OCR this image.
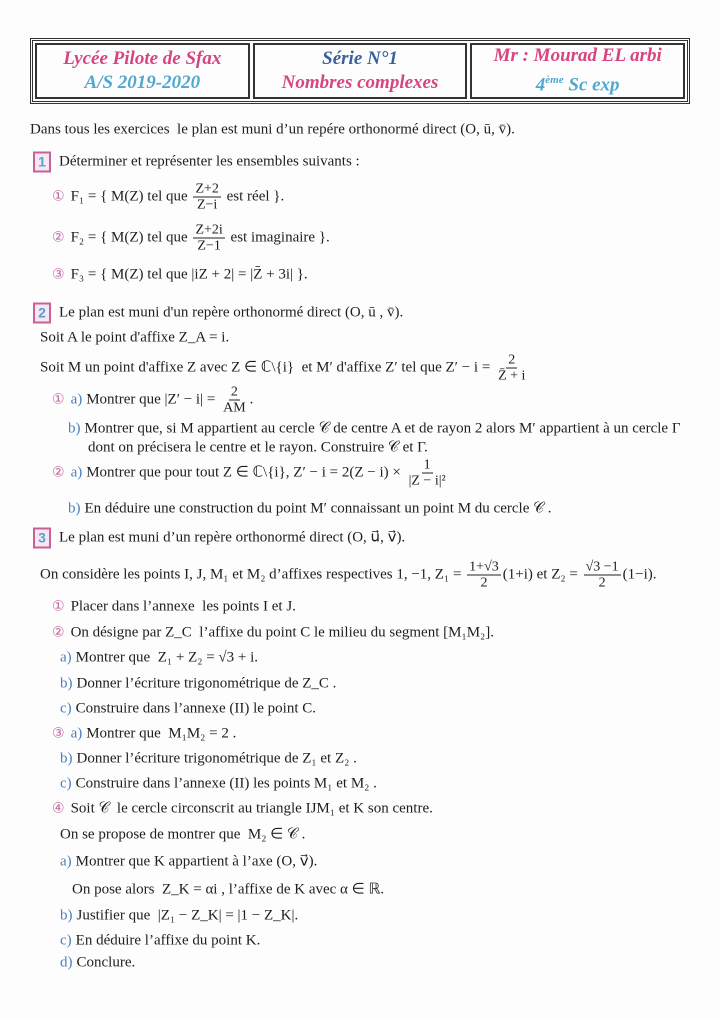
Lycée Pilote de Sfax
A/S 2019-2020
Série N°1
Nombres complexes
Mr : Mourad EL arbi
4ème Sc exp
Dans tous les exercices  le plan est muni d’un repére orthonormé direct (O, ū, v̄).
1 Déterminer et représenter les ensembles suivants :
① F₁ = { M(Z) tel que $\frac{Z+2}{Z-i}$ est réel }.
② F₂ = { M(Z) tel que $\frac{Z+2i}{Z-1}$ est imaginaire }.
③ F₃ = { M(Z) tel que |iZ + 2| = |Z̄ + 3i| }.
2 Le plan est muni d'un repère orthonormé direct (O, ū , v̄).
Soit A le point d'affixe Z_A = i.
Soit M un point d'affixe Z avec Z ∈ ℂ\{i}  et M′ d'affixe Z′ tel que $Z' - i = \frac{2}{Z̄ + i}$
① a) Montrer que $|Z' - i| = \frac{2}{AM}$ .
b) Montrer que, si M appartient au cercle 𝒞 de centre A et de rayon 2 alors M′ appartient à un cercle Γ
dont on précisera le centre et le rayon. Construire 𝒞 et Γ.
② a) Montrer que pour tout Z ∈ ℂ\{i}, $Z' - i = 2(Z - i) \times \frac{1}{\text{|Z − i|²}}$
b) En déduire une construction du point M′ connaissant un point M du cercle 𝒞 .
3 Le plan est muni d’un repère orthonormé direct (O, u⃗, v⃗).
On considère les points I, J, M₁ et M₂ d’affixes respectives 1, −1, $Z_1 = \frac{1+√3}{2} (1+i)$ et $Z_2 = \frac{√3 -1}{2} (1-i)$.
① Placer dans l’annexe  les points I et J.
② On désigne par Z_C  l’affixe du point C le milieu du segment [M₁M₂].
a) Montrer que  Z₁ + Z₂ = √3 + i.
b) Donner l’écriture trigonométrique de Z_C .
c) Construire dans l’annexe (II) le point C.
③ a) Montrer que  M₁M₂ = 2 .
b) Donner l’écriture trigonométrique de Z₁ et Z₂ .
c) Construire dans l’annexe (II) les points M₁ et M₂ .
④ Soit 𝒞  le cercle circonscrit au triangle IJM₁ et K son centre.
On se propose de montrer que  M₂ ∈ 𝒞 .
a) Montrer que K appartient à l’axe (O, v⃗).
On pose alors  Z_K = αi , l’affixe de K avec α ∈ ℝ.
b) Justifier que  |Z₁ − Z_K| = |1 − Z_K|.
c) En déduire l’affixe du point K.
d) Conclure.
